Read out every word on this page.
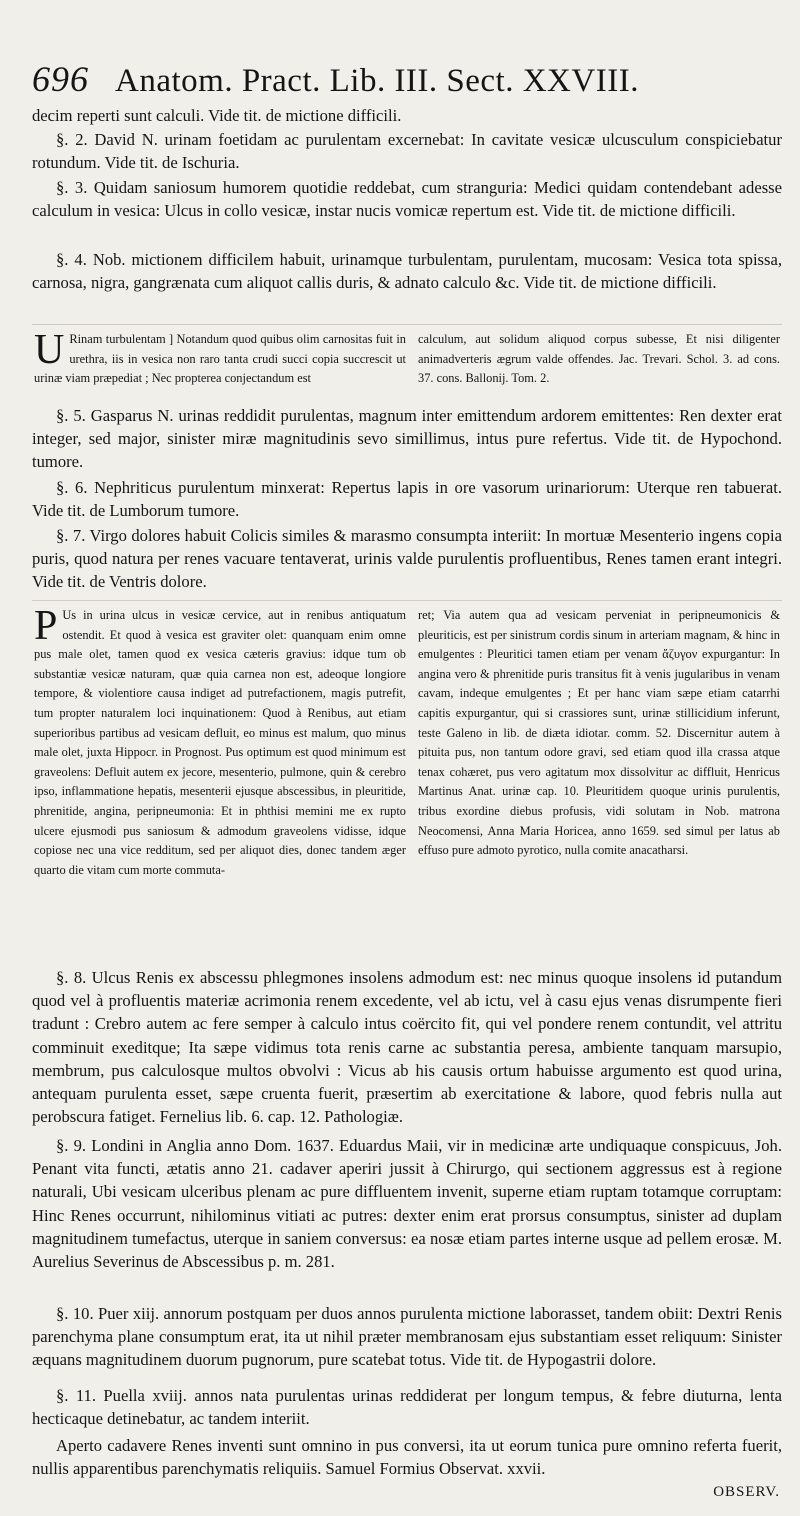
696 Anatom. Pract. Lib. III. Sect. XXVIII.

decim reperti sunt calculi. Vide tit. de mictione difficili.

§. 2. David N. urinam foetidam ac purulentam excernebat: In cavitate vesicæ ulcusculum conspiciebatur rotundum. Vide tit. de Ischuria.

§. 3. Quidam saniosum humorem quotidie reddebat, cum stranguria: Medici quidam contendebant adesse calculum in vesica: Ulcus in collo vesicæ, instar nucis vomicæ repertum est. Vide tit. de mictione difficili.

§. 4. Nob. mictionem difficilem habuit, urinamque turbulentam, purulentam, mucosam: Vesica tota spissa, carnosa, nigra, gangrænata cum aliquot callis duris, & adnato calculo &c. Vide tit. de mictione difficili.

U Rinam turbulentam ] Notandum quod quibus olim carnositas fuit in urethra, iis in vesica non raro tanta crudi succi copia succrescit ut urinæ viam præpediat ; Nec propterea conjectandum est

calculum, aut solidum aliquod corpus subesse, Et nisi diligenter animadverteris ægrum valde offendes. Jac. Trevari. Schol. 3. ad cons. 37. cons. Ballonij. Tom. 2.

§. 5. Gasparus N. urinas reddidit purulentas, magnum inter emittendum ardorem emittentes: Ren dexter erat integer, sed major, sinister miræ magnitudinis sevo simillimus, intus pure refertus. Vide tit. de Hypochond. tumore.

§. 6. Nephriticus purulentum minxerat: Repertus lapis in ore vasorum urinariorum: Uterque ren tabuerat. Vide tit. de Lumborum tumore.

§. 7. Virgo dolores habuit Colicis similes & marasmo consumpta interiit: In mortuæ Mesenterio ingens copia puris, quod natura per renes vacuare tentaverat, urinis valde purulentis profluentibus, Renes tamen erant integri. Vide tit. de Ventris dolore.

P Us in urina ulcus in vesicæ cervice, aut in renibus antiquatum ostendit. Et quod à vesica est graviter olet: quanquam enim omne pus male olet, tamen quod ex vesica cæteris gravius: idque tum ob substantiæ vesicæ naturam, quæ quia carnea non est, adeoque longiore tempore, & violentiore causa indiget ad putrefactionem, magis putrefit, tum propter naturalem loci inquinationem: Quod à Renibus, aut etiam superioribus partibus ad vesicam defluit, eo minus est malum, quo minus male olet, juxta Hippocr. in Prognost. Pus optimum est quod minimum est graveolens: Defluit autem ex jecore, mesenterio, pulmone, quin & cerebro ipso, inflammatione hepatis, mesenterii ejusque abscessibus, in pleuritide, phrenitide, angina, peripneumonia: Et in phthisi memini me ex rupto ulcere ejusmodi pus saniosum & admodum graveolens vidisse, idque copiose nec una vice redditum, sed per aliquot dies, donec tandem æger quarto die vitam cum morte commuta-

ret; Via autem qua ad vesicam perveniat in peripneumonicis & pleuriticis, est per sinistrum cordis sinum in arteriam magnam, & hinc in emulgentes : Pleuritici tamen etiam per venam ἄζυγον expurgantur: In angina vero & phrenitide puris transitus fit à venis jugularibus in venam cavam, indeque emulgentes ; Et per hanc viam sæpe etiam catarrhi capitis expurgantur, qui si crassiores sunt, urinæ stillicidium inferunt, teste Galeno in lib. de diæta idiotar. comm. 52. Discernitur autem à pituita pus, non tantum odore gravi, sed etiam quod illa crassa atque tenax cohæret, pus vero agitatum mox dissolvitur ac diffluit, Henricus Martinus Anat. urinæ cap. 10. Pleuritidem quoque urinis purulentis, tribus exordine diebus profusis, vidi solutam in Nob. matrona Neocomensi, Anna Maria Horicea, anno 1659. sed simul per latus ab effuso pure admoto pyrotico, nulla comite anacatharsi.

§. 8. Ulcus Renis ex abscessu phlegmones insolens admodum est: nec minus quoque insolens id putandum quod vel à profluentis materiæ acrimonia renem excedente, vel ab ictu, vel à casu ejus venas disrumpente fieri tradunt : Crebro autem ac fere semper à calculo intus coërcito fit, qui vel pondere renem contundit, vel attritu comminuit exeditque; Ita sæpe vidimus tota renis carne ac substantia peresa, ambiente tanquam marsupio, membrum, pus calculosque multos obvolvi : Vicus ab his causis ortum habuisse argumento est quod urina, antequam purulenta esset, sæpe cruenta fuerit, præsertim ab exercitatione & labore, quod febris nulla aut perobscura fatiget. Fernelius lib. 6. cap. 12. Pathologiæ.

§. 9. Londini in Anglia anno Dom. 1637. Eduardus Maii, vir in medicinæ arte undiquaque conspicuus, Joh. Penant vita functi, ætatis anno 21. cadaver aperiri jussit à Chirurgo, qui sectionem aggressus est à regione naturali, Ubi vesicam ulceribus plenam ac pure diffluentem invenit, superne etiam ruptam totamque corruptam: Hinc Renes occurrunt, nihilominus vitiati ac putres: dexter enim erat prorsus consumptus, sinister ad duplam magnitudinem tumefactus, uterque in saniem conversus: ea nosæ etiam partes interne usque ad pellem erosæ. M. Aurelius Severinus de Abscessibus p. m. 281.

§. 10. Puer xiij. annorum postquam per duos annos purulenta mictione laborasset, tandem obiit: Dextri Renis parenchyma plane consumptum erat, ita ut nihil præter membranosam ejus substantiam esset reliquum: Sinister æquans magnitudinem duorum pugnorum, pure scatebat totus. Vide tit. de Hypogastrii dolore.

§. 11. Puella xviij. annos nata purulentas urinas reddiderat per longum tempus, & febre diuturna, lenta hecticaque detinebatur, ac tandem interiit.

Aperto cadavere Renes inventi sunt omnino in pus conversi, ita ut eorum tunica pure omnino referta fuerit, nullis apparentibus parenchymatis reliquiis. Samuel Formius Observat. xxvii.

OBSERV.
